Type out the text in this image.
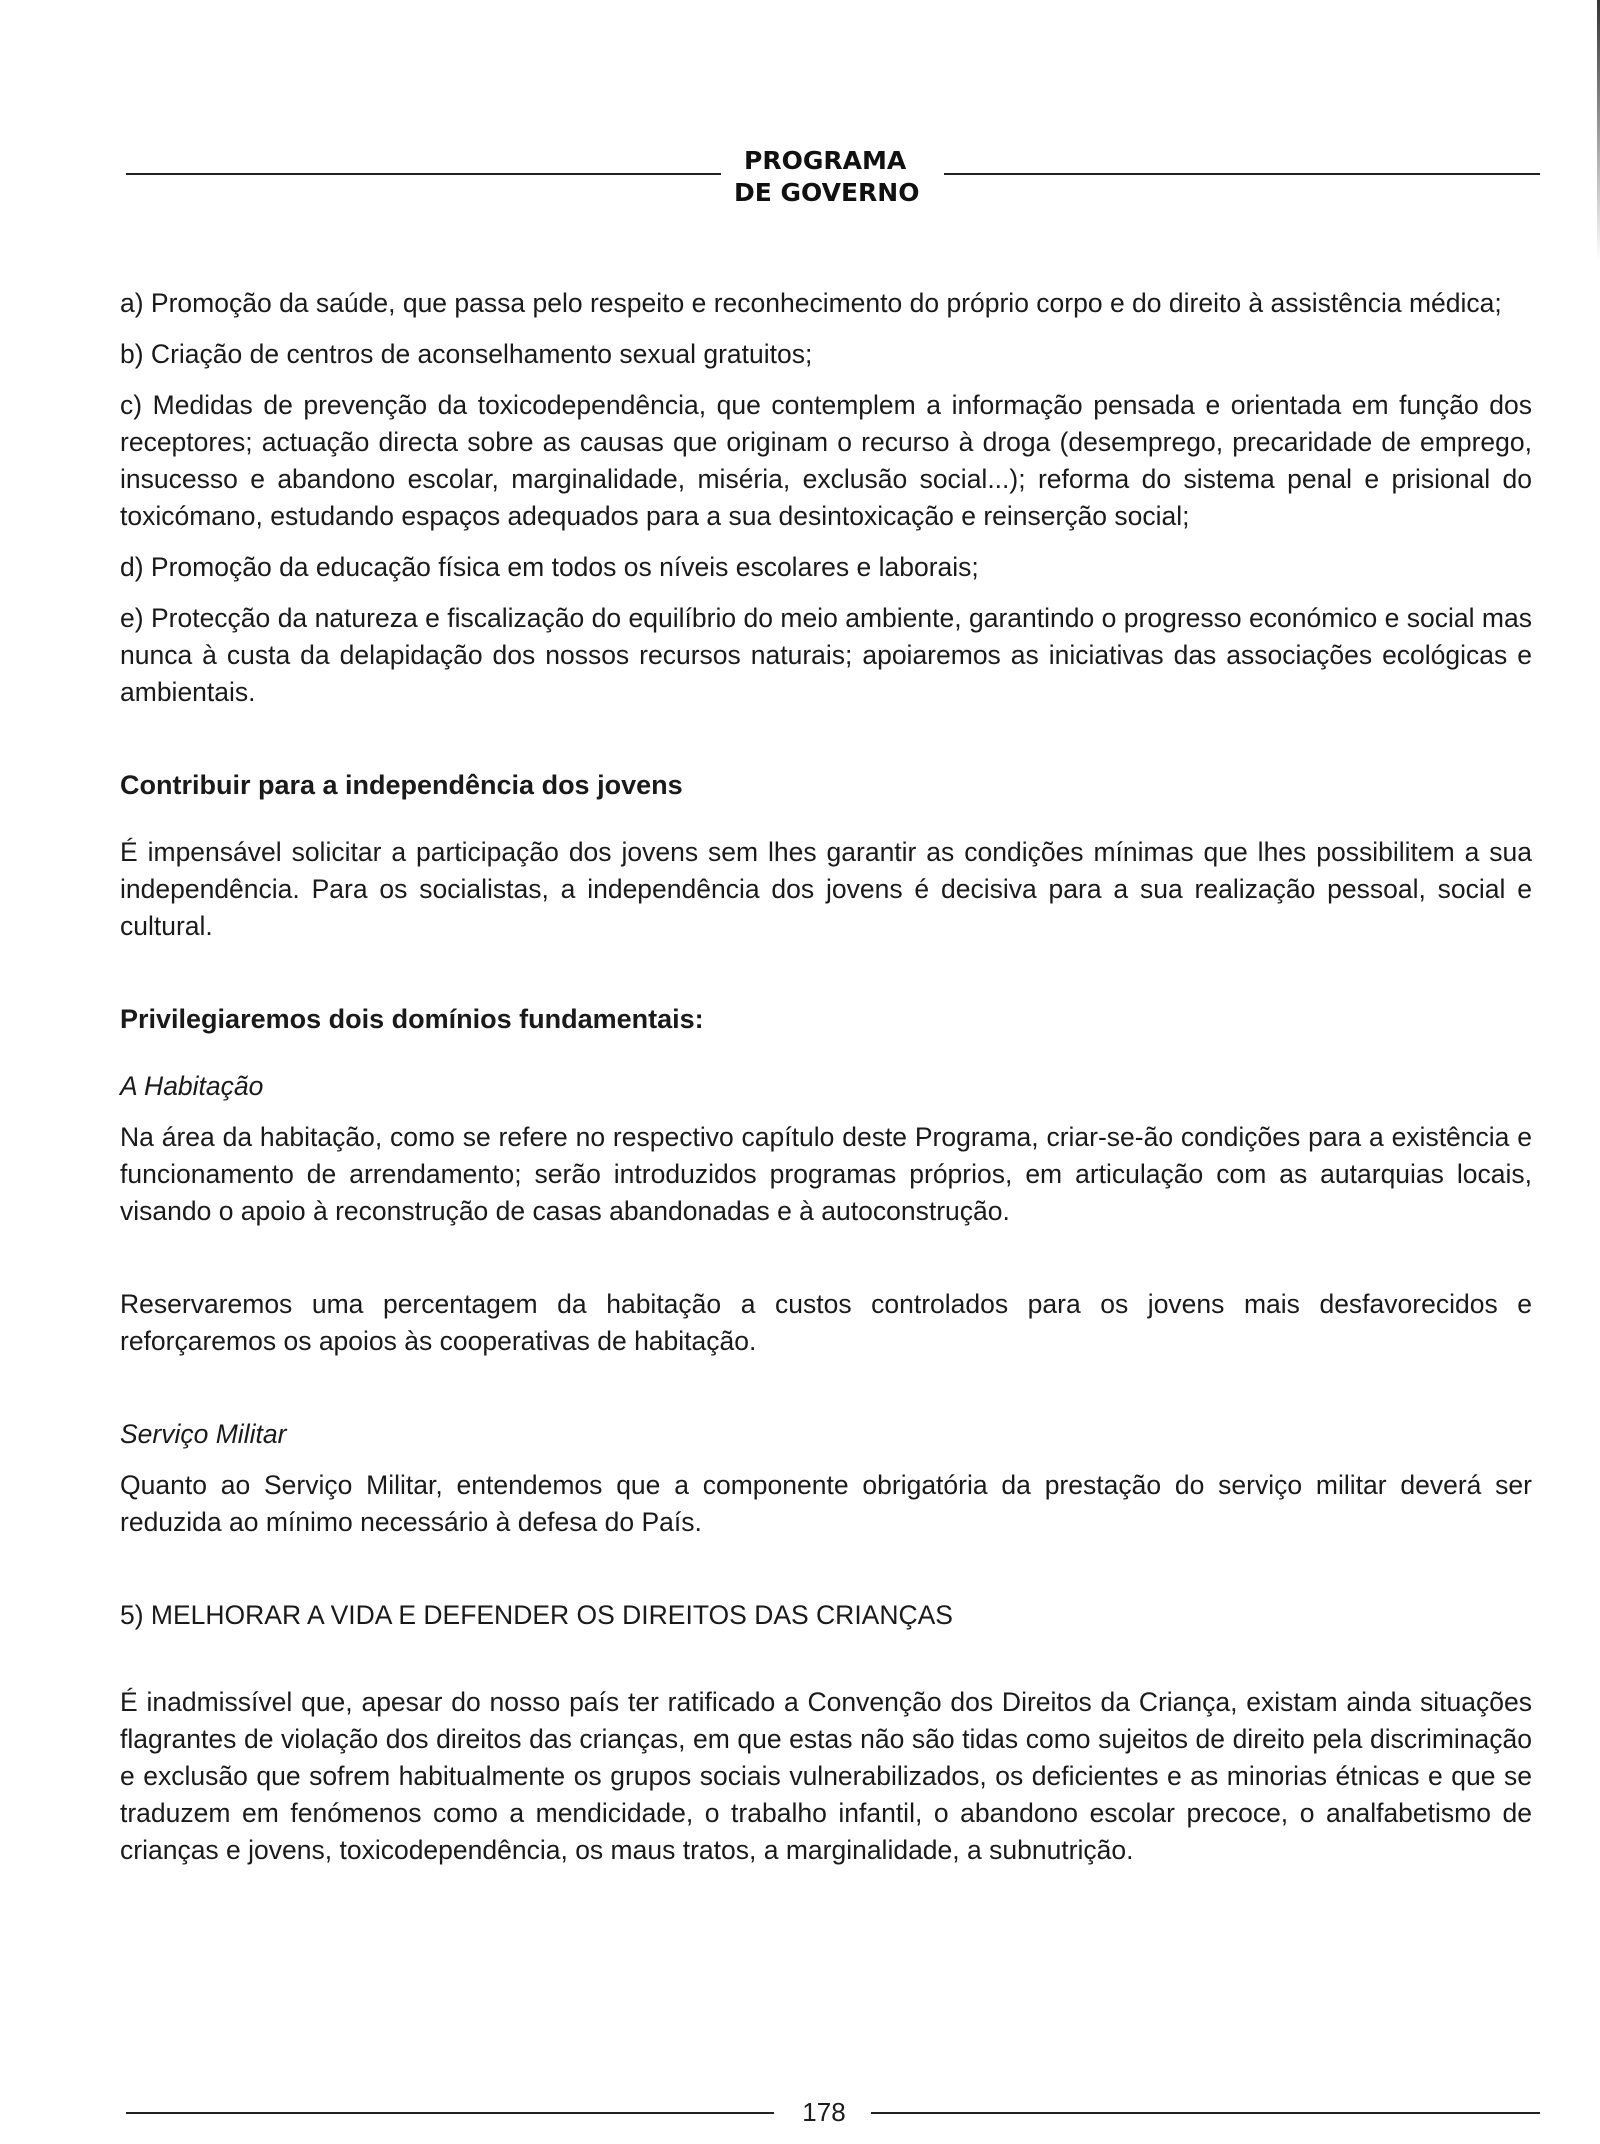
PROGRAMA
DE GOVERNO

a) Promoção da saúde, que passa pelo respeito e reconhecimento do próprio corpo e do direito à assistência médica;

b) Criação de centros de aconselhamento sexual gratuitos;

c) Medidas de prevenção da toxicodependência, que contemplem a informação pensada e orientada em função dos receptores; actuação directa sobre as causas que originam o recurso à droga (desemprego, precaridade de emprego, insucesso e abandono escolar, marginalidade, miséria, exclusão social...); reforma do sistema penal e prisional do toxicómano, estudando espaços adequados para a sua desintoxicação e reinserção social;

d) Promoção da educação física em todos os níveis escolares e laborais;

e) Protecção da natureza e fiscalização do equilíbrio do meio ambiente, garantindo o progresso económico e social mas nunca à custa da delapidação dos nossos recursos naturais; apoiaremos as iniciativas das associações ecológicas e ambientais.

Contribuir para a independência dos jovens

É impensável solicitar a participação dos jovens sem lhes garantir as condições mínimas que lhes possibilitem a sua independência. Para os socialistas, a independência dos jovens é decisiva para a sua realização pessoal, social e cultural.

Privilegiaremos dois domínios fundamentais:
A Habitação

Na área da habitação, como se refere no respectivo capítulo deste Programa, criar-se-ão condições para a existência e funcionamento de arrendamento; serão introduzidos programas próprios, em articulação com as autarquias locais, visando o apoio à reconstrução de casas abandonadas e à autoconstrução.

Reservaremos uma percentagem da habitação a custos controlados para os jovens mais desfavorecidos e reforçaremos os apoios às cooperativas de habitação.

Serviço Militar

Quanto ao Serviço Militar, entendemos que a componente obrigatória da prestação do serviço militar deverá ser reduzida ao mínimo necessário à defesa do País.

5) MELHORAR A VIDA E DEFENDER OS DIREITOS DAS CRIANÇAS

É inadmissível que, apesar do nosso país ter ratificado a Convenção dos Direitos da Criança, existam ainda situações flagrantes de violação dos direitos das crianças, em que estas não são tidas como sujeitos de direito pela discriminação e exclusão que sofrem habitualmente os grupos sociais vulnerabilizados, os deficientes e as minorias étnicas e que se traduzem em fenómenos como a mendicidade, o trabalho infantil, o abandono escolar precoce, o analfabetismo de crianças e jovens, toxicodependência, os maus tratos, a marginalidade, a subnutrição.

178
